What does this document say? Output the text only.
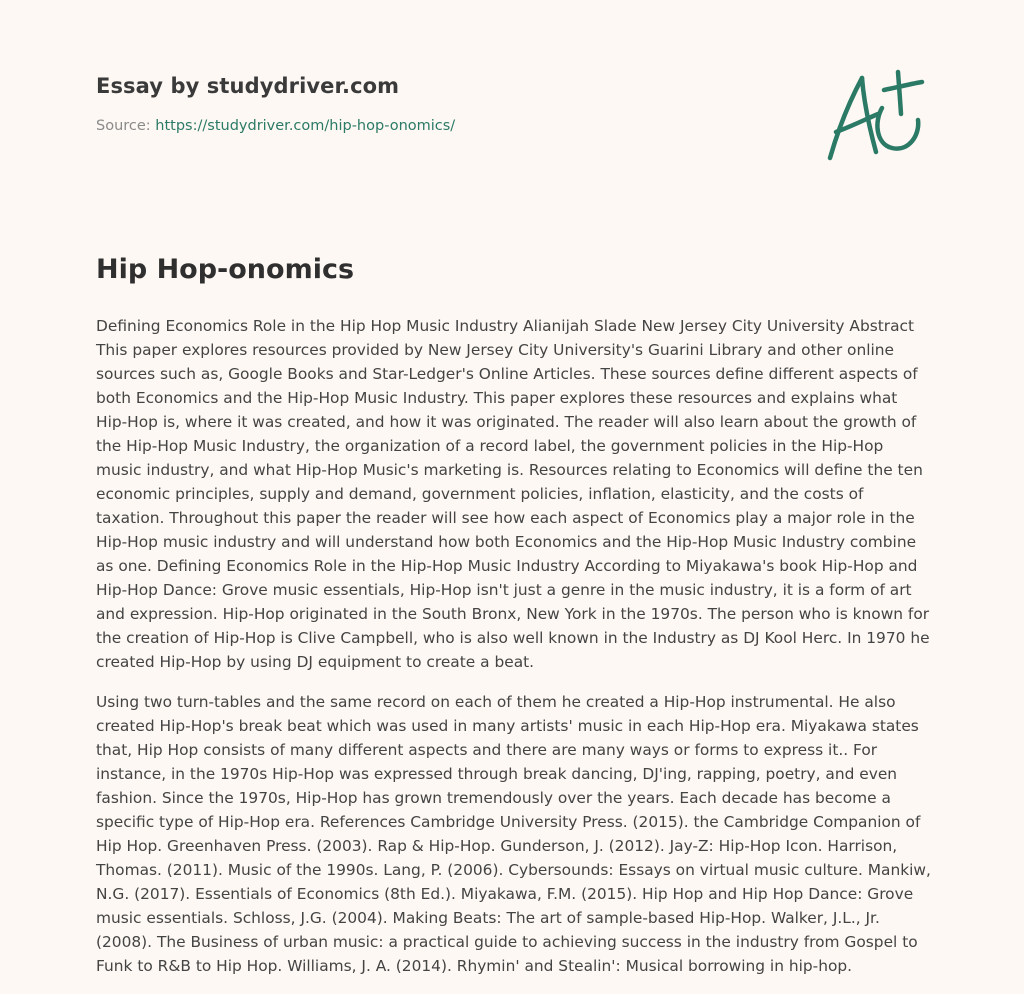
Essay by studydriver.com
Source: https://studydriver.com/hip-hop-onomics/
Hip Hop-onomics

Defining Economics Role in the Hip Hop Music Industry Alianijah Slade New Jersey City University Abstract This paper explores resources provided by New Jersey City University's Guarini Library and other online sources such as, Google Books and Star-Ledger's Online Articles. These sources define different aspects of both Economics and the Hip-Hop Music Industry. This paper explores these resources and explains what Hip-Hop is, where it was created, and how it was originated. The reader will also learn about the growth of the Hip-Hop Music Industry, the organization of a record label, the government policies in the Hip-Hop music industry, and what Hip-Hop Music's marketing is. Resources relating to Economics will define the ten economic principles, supply and demand, government policies, inflation, elasticity, and the costs of taxation. Throughout this paper the reader will see how each aspect of Economics play a major role in the Hip-Hop music industry and will understand how both Economics and the Hip-Hop Music Industry combine as one. Defining Economics Role in the Hip-Hop Music Industry According to Miyakawa's book Hip-Hop and Hip-Hop Dance: Grove music essentials, Hip-Hop isn't just a genre in the music industry, it is a form of art and expression. Hip-Hop originated in the South Bronx, New York in the 1970s. The person who is known for the creation of Hip-Hop is Clive Campbell, who is also well known in the Industry as DJ Kool Herc. In 1970 he created Hip-Hop by using DJ equipment to create a beat.

Using two turn-tables and the same record on each of them he created a Hip-Hop instrumental. He also created Hip-Hop's break beat which was used in many artists' music in each Hip-Hop era. Miyakawa states that, Hip Hop consists of many different aspects and there are many ways or forms to express it.. For instance, in the 1970s Hip-Hop was expressed through break dancing, DJ'ing, rapping, poetry, and even fashion. Since the 1970s, Hip-Hop has grown tremendously over the years. Each decade has become a specific type of Hip-Hop era. References Cambridge University Press. (2015). the Cambridge Companion of Hip Hop. Greenhaven Press. (2003). Rap & Hip-Hop. Gunderson, J. (2012). Jay-Z: Hip-Hop Icon. Harrison, Thomas. (2011). Music of the 1990s. Lang, P. (2006). Cybersounds: Essays on virtual music culture. Mankiw, N.G. (2017). Essentials of Economics (8th Ed.). Miyakawa, F.M. (2015). Hip Hop and Hip Hop Dance: Grove music essentials. Schloss, J.G. (2004). Making Beats: The art of sample-based Hip-Hop. Walker, J.L., Jr. (2008). The Business of urban music: a practical guide to achieving success in the industry from Gospel to Funk to R&B to Hip Hop. Williams, J. A. (2014). Rhymin' and Stealin': Musical borrowing in hip-hop.
